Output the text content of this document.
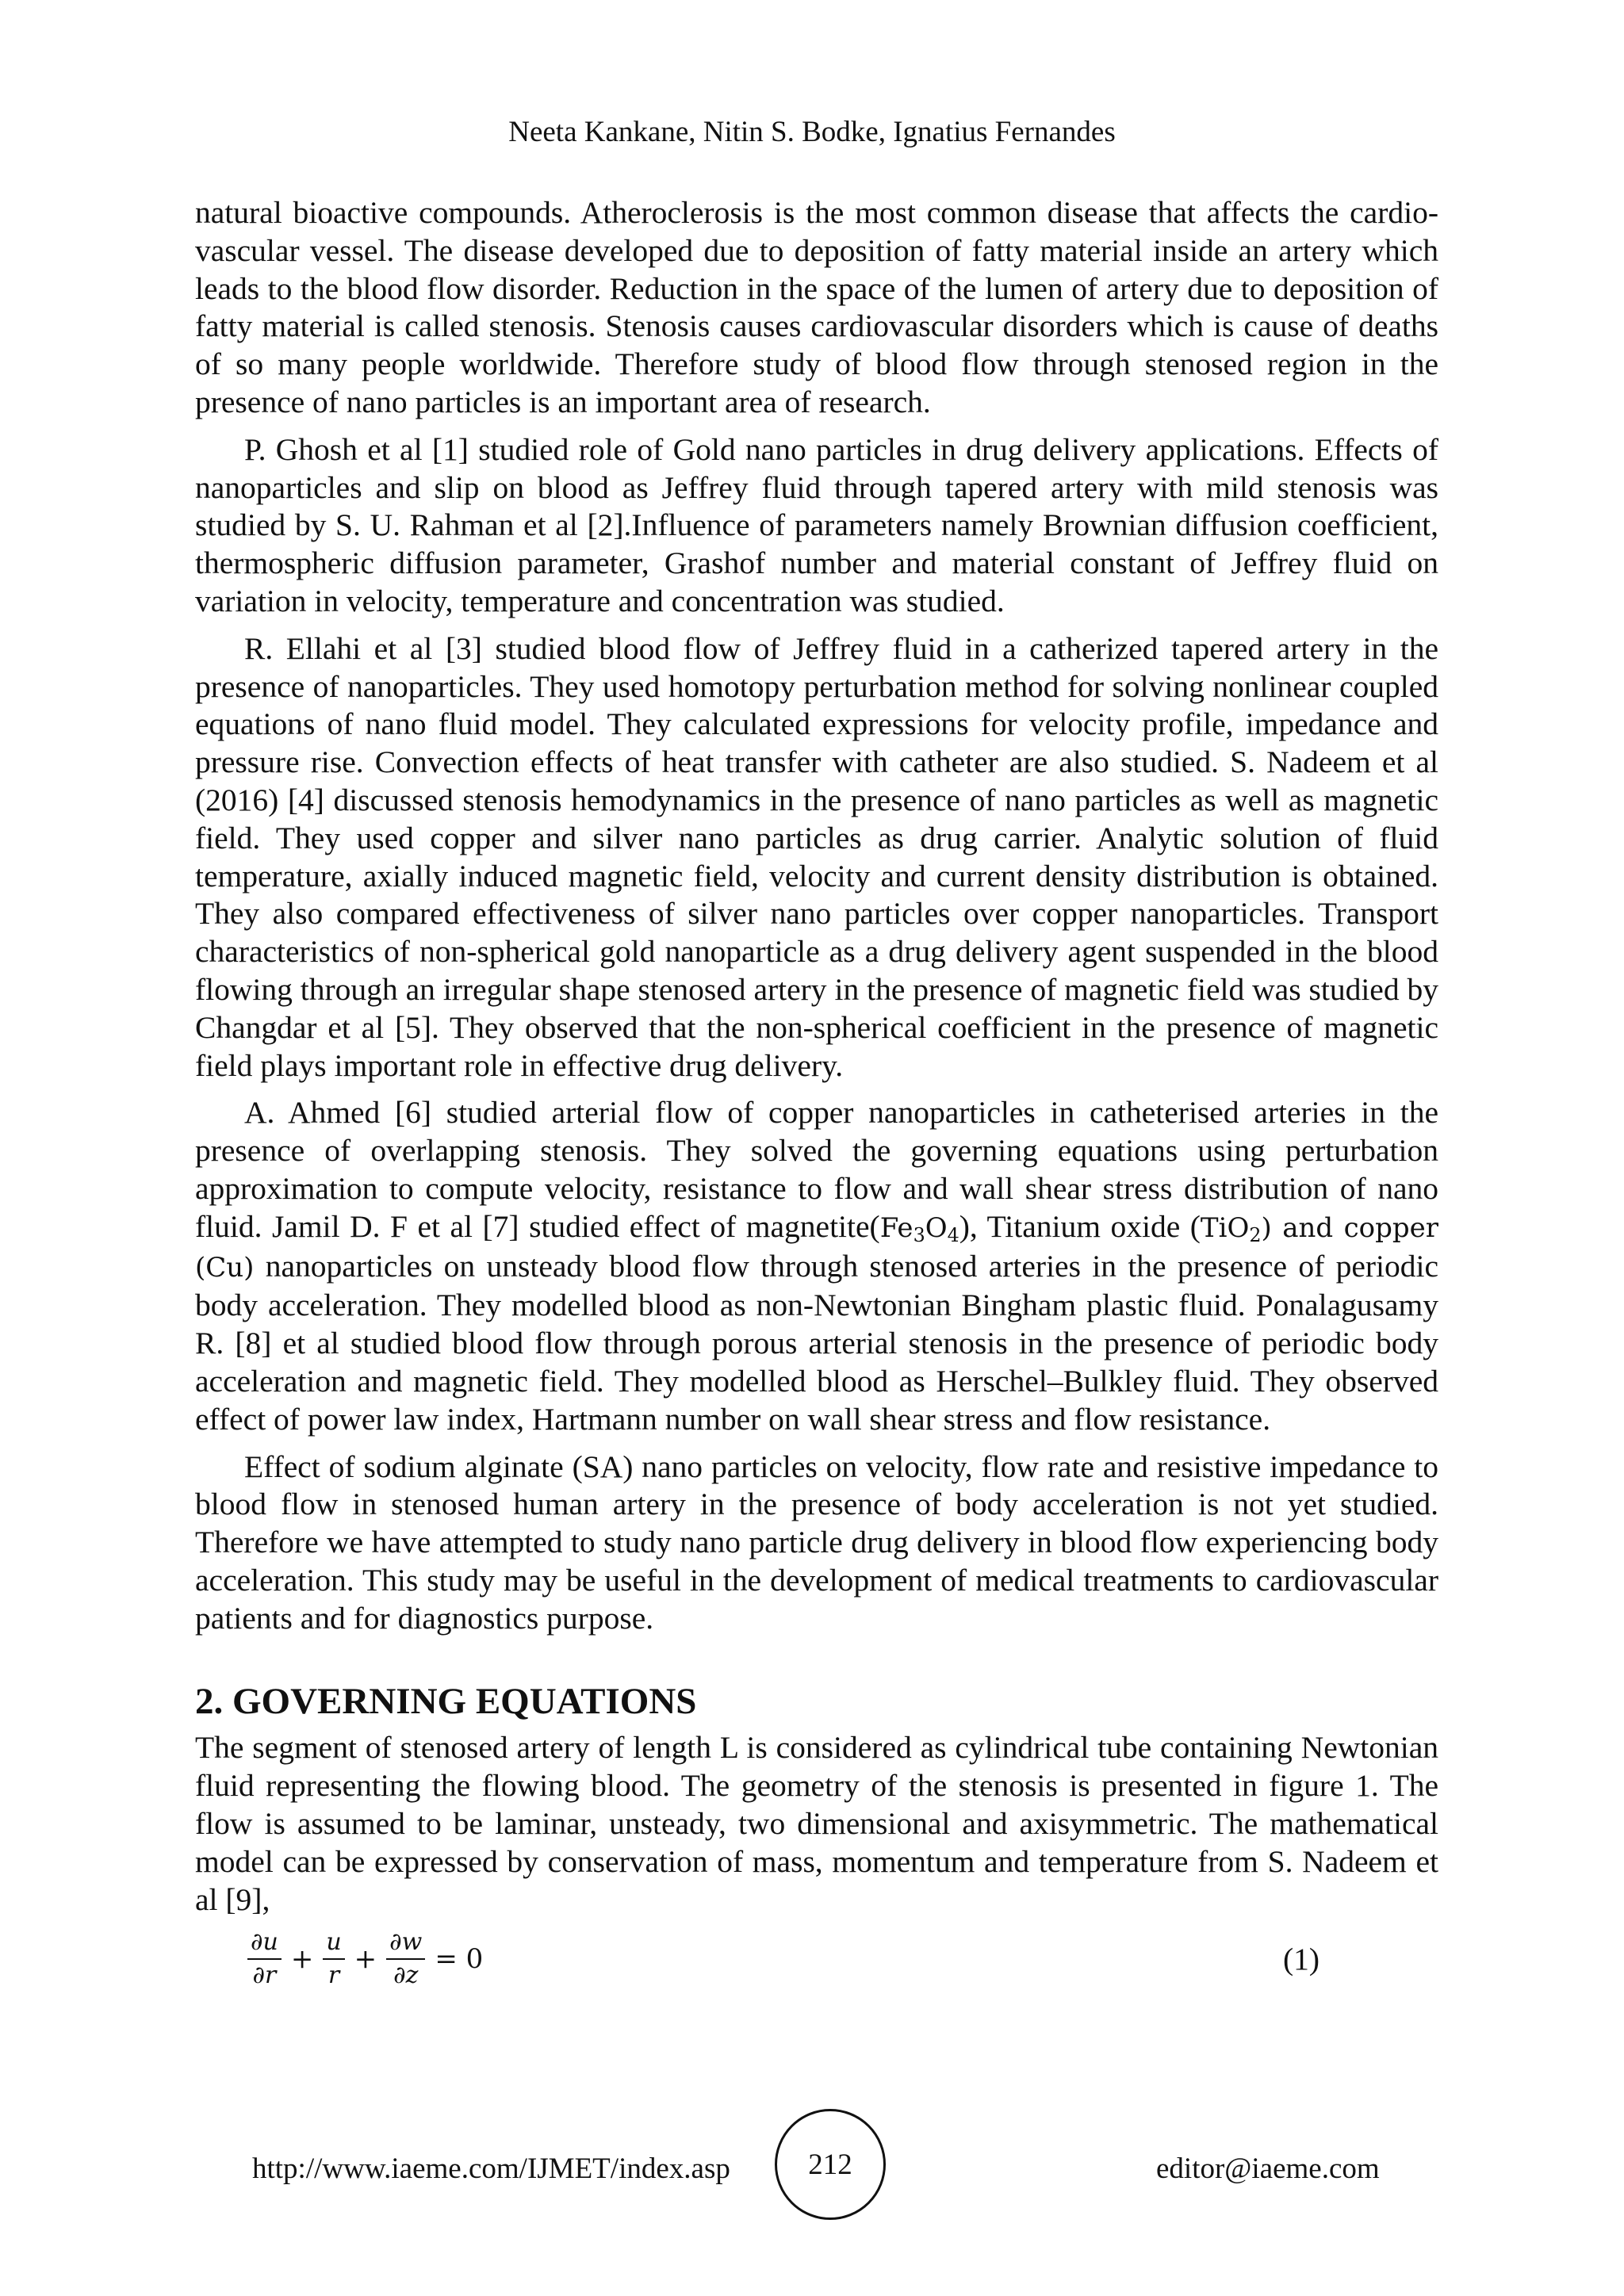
Neeta Kankane, Nitin S. Bodke, Ignatius Fernandes

natural bioactive compounds. Atheroclerosis is the most common disease that affects the cardio-vascular vessel. The disease developed due to deposition of fatty material inside an artery which leads to the blood flow disorder. Reduction in the space of the lumen of artery due to deposition of fatty material is called stenosis. Stenosis causes cardiovascular disorders which is cause of deaths of so many people worldwide. Therefore study of blood flow through stenosed region in the presence of nano particles is an important area of research.

P. Ghosh et al [1] studied role of Gold nano particles in drug delivery applications. Effects of nanoparticles and slip on blood as Jeffrey fluid through tapered artery with mild stenosis was studied by S. U. Rahman et al [2].Influence of parameters namely Brownian diffusion coefficient, thermospheric diffusion parameter, Grashof number and material constant of Jeffrey fluid on variation in velocity, temperature and concentration was studied.

R. Ellahi et al [3] studied blood flow of Jeffrey fluid in a catherized tapered artery in the presence of nanoparticles. They used homotopy perturbation method for solving nonlinear coupled equations of nano fluid model. They calculated expressions for velocity profile, impedance and pressure rise. Convection effects of heat transfer with catheter are also studied. S. Nadeem et al (2016) [4] discussed stenosis hemodynamics in the presence of nano particles as well as magnetic field. They used copper and silver nano particles as drug carrier. Analytic solution of fluid temperature, axially induced magnetic field, velocity and current density distribution is obtained. They also compared effectiveness of silver nano particles over copper nanoparticles. Transport characteristics of non-spherical gold nanoparticle as a drug delivery agent suspended in the blood flowing through an irregular shape stenosed artery in the presence of magnetic field was studied by Changdar et al [5]. They observed that the non-spherical coefficient in the presence of magnetic field plays important role in effective drug delivery.

A. Ahmed [6] studied arterial flow of copper nanoparticles in catheterised arteries in the presence of overlapping stenosis. They solved the governing equations using perturbation approximation to compute velocity, resistance to flow and wall shear stress distribution of nano fluid. Jamil D. F et al [7] studied effect of $magnetite(Fe_3O_4)$, Titanium oxide (TiO$_2$) and copper (Cu) nanoparticles on unsteady blood flow through stenosed arteries in the presence of periodic body acceleration. They modelled blood as non-Newtonian Bingham plastic fluid. Ponalagusamy R. [8] et al studied blood flow through porous arterial stenosis in the presence of periodic body acceleration and magnetic field. They modelled blood as Herschel–Bulkley fluid. They observed effect of power law index, Hartmann number on wall shear stress and flow resistance.

Effect of sodium alginate (SA) nano particles on velocity, flow rate and resistive impedance to blood flow in stenosed human artery in the presence of body acceleration is not yet studied. Therefore we have attempted to study nano particle drug delivery in blood flow experiencing body acceleration. This study may be useful in the development of medical treatments to cardiovascular patients and for diagnostics purpose.

2. GOVERNING EQUATIONS

The segment of stenosed artery of length L is considered as cylindrical tube containing Newtonian fluid representing the flowing blood. The geometry of the stenosis is presented in figure 1. The flow is assumed to be laminar, unsteady, two dimensional and axisymmetric. The mathematical model can be expressed by conservation of mass, momentum and temperature from S. Nadeem et al [9],

$\frac{\partial u}{\partial r} + \frac{u}{r} + \frac{\partial w}{\partial z} = 0$	(1)
http://www.iaeme.com/IJMET/index.asp	212	editor@iaeme.com
